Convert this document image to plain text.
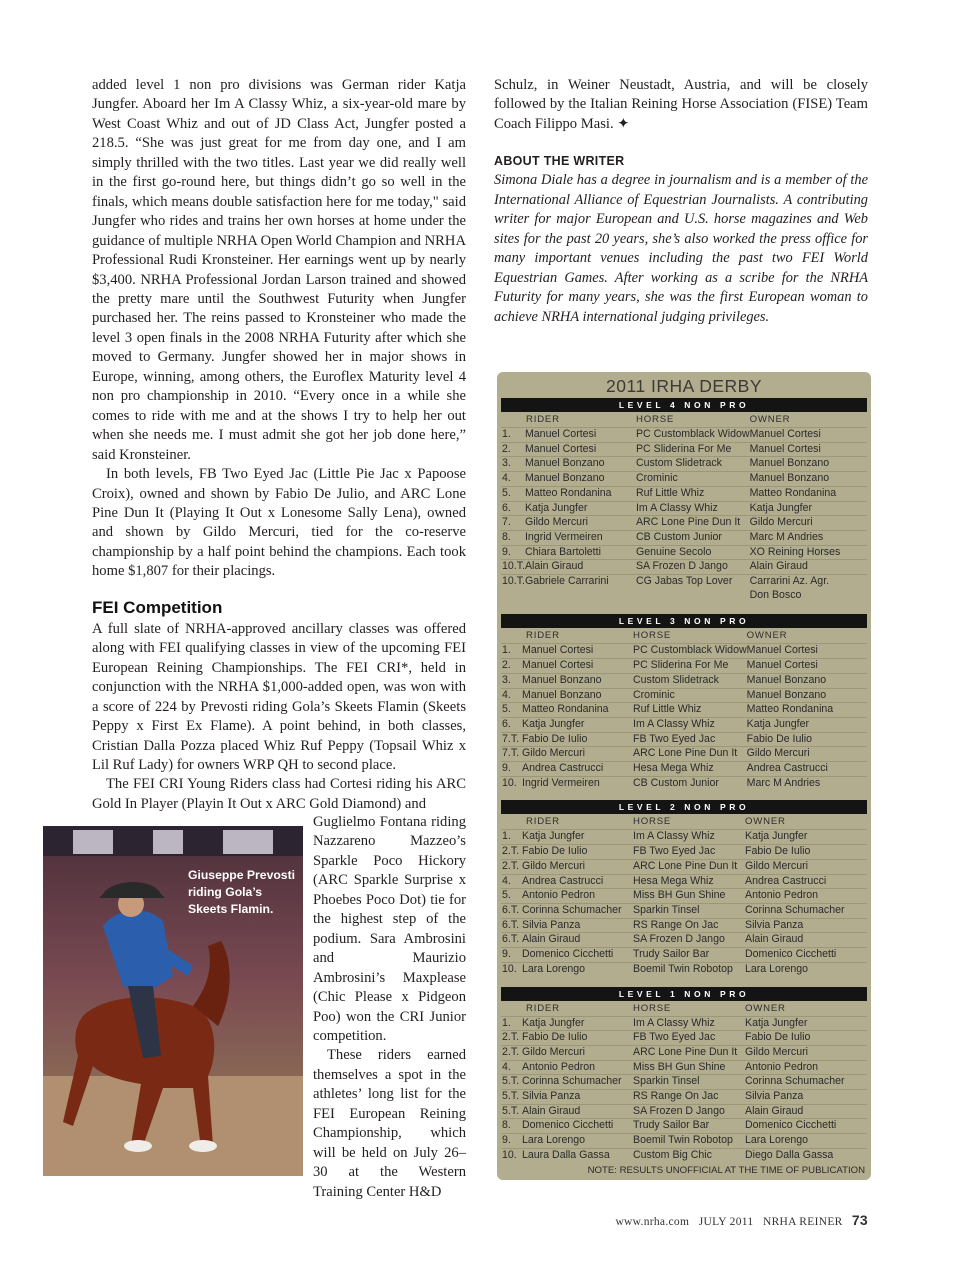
added level 1 non pro divisions was German rider Katja Jungfer. Aboard her Im A Classy Whiz, a six-year-old mare by West Coast Whiz and out of JD Class Act, Jungfer posted a 218.5. “She was just great for me from day one, and I am simply thrilled with the two titles. Last year we did really well in the first go-round here, but things didn’t go so well in the finals, which means double satisfaction here for me today," said Jungfer who rides and trains her own horses at home under the guidance of multiple NRHA Open World Champion and NRHA Professional Rudi Kronsteiner. Her earnings went up by nearly $3,400. NRHA Professional Jordan Larson trained and showed the pretty mare until the Southwest Futurity when Jungfer purchased her. The reins passed to Kronsteiner who made the level 3 open finals in the 2008 NRHA Futurity after which she moved to Germany. Jungfer showed her in major shows in Europe, winning, among others, the Euroflex Maturity level 4 non pro championship in 2010. “Every once in a while she comes to ride with me and at the shows I try to help her out when she needs me. I must admit she got her job done here,” said Kronsteiner.

In both levels, FB Two Eyed Jac (Little Pie Jac x Papoose Croix), owned and shown by Fabio De Julio, and ARC Lone Pine Dun It (Playing It Out x Lonesome Sally Lena), owned and shown by Gildo Mercuri, tied for the co-reserve championship by a half point behind the champions. Each took home $1,807 for their placings.

FEI Competition

A full slate of NRHA-approved ancillary classes was offered along with FEI qualifying classes in view of the upcoming FEI European Reining Championships. The FEI CRI*, held in conjunction with the NRHA $1,000-added open, was won with a score of 224 by Prevosti riding Gola’s Skeets Flamin (Skeets Peppy x First Ex Flame). A point behind, in both classes, Cristian Dalla Pozza placed Whiz Ruf Peppy (Topsail Whiz x Lil Ruf Lady) for owners WRP QH to second place.

The FEI CRI Young Riders class had Cortesi riding his ARC Gold In Player (Playin It Out x ARC Gold Diamond) and

Giuseppe Prevosti riding Gola’s Skeets Flamin.

Guglielmo Fontana riding Nazzareno Mazzeo’s Sparkle Poco Hickory (ARC Sparkle Surprise x Phoebes Poco Dot) tie for the highest step of the podium. Sara Ambrosini and Maurizio Ambrosini’s Maxplease (Chic Please x Pidgeon Poo) won the CRI Junior competition.

These riders earned themselves a spot in the athletes’ long list for the FEI European Reining Championship, which will be held on July 26–30 at the Western Training Center H&D

Schulz, in Weiner Neustadt, Austria, and will be closely followed by the Italian Reining Horse Association (FISE) Team Coach Filippo Masi. ✦

ABOUT THE WRITER

Simona Diale has a degree in journalism and is a member of the International Alliance of Equestrian Journalists. A contributing writer for major European and U.S. horse magazines and Web sites for the past 20 years, she’s also worked the press office for many important venues including the past two FEI World Equestrian Games. After working as a scribe for the NRHA Futurity for many years, she was the first European woman to achieve NRHA international judging privileges.

2011 IRHA DERBY
LEVEL 4 NON PRO
RIDER		HORSE	OWNER
1.	Manuel Cortesi	PC Customblack Widow	Manuel Cortesi
2.	Manuel Cortesi	PC Sliderina For Me	Manuel Cortesi
3.	Manuel Bonzano	Custom Slidetrack	Manuel Bonzano
4.	Manuel Bonzano	Crominic	Manuel Bonzano
5.	Matteo Rondanina	Ruf Little Whiz	Matteo Rondanina
6.	Katja Jungfer	Im A Classy Whiz	Katja Jungfer
7.	Gildo Mercuri	ARC Lone Pine Dun It	Gildo Mercuri
8.	Ingrid Vermeiren	CB Custom Junior	Marc M Andries
9.	Chiara Bartoletti	Genuine Secolo	XO Reining Horses
10.T.	Alain Giraud	SA Frozen D Jango	Alain Giraud
10.T.	Gabriele Carrarini	CG Jabas Top Lover	Carrarini Az. Agr.
Don Bosco
LEVEL 3 NON PRO
RIDER		HORSE	OWNER
1.	Manuel Cortesi	PC Customblack Widow	Manuel Cortesi
2.	Manuel Cortesi	PC Sliderina For Me	Manuel Cortesi
3.	Manuel Bonzano	Custom Slidetrack	Manuel Bonzano
4.	Manuel Bonzano	Crominic	Manuel Bonzano
5.	Matteo Rondanina	Ruf Little Whiz	Matteo Rondanina
6.	Katja Jungfer	Im A Classy Whiz	Katja Jungfer
7.T.	Fabio De Iulio	FB Two Eyed Jac	Fabio De Iulio
7.T.	Gildo Mercuri	ARC Lone Pine Dun It	Gildo Mercuri
9.	Andrea Castrucci	Hesa Mega Whiz	Andrea Castrucci
10.	Ingrid Vermeiren	CB Custom Junior	Marc M Andries
LEVEL 2 NON PRO
RIDER		HORSE	OWNER
1.	Katja Jungfer	Im A Classy Whiz	Katja Jungfer
2.T.	Fabio De Iulio	FB Two Eyed Jac	Fabio De Iulio
2.T.	Gildo Mercuri	ARC Lone Pine Dun It	Gildo Mercuri
4.	Andrea Castrucci	Hesa Mega Whiz	Andrea Castrucci
5.	Antonio Pedron	Miss BH Gun Shine	Antonio Pedron
6.T.	Corinna Schumacher	Sparkin Tinsel	Corinna Schumacher
6.T.	Silvia Panza	RS Range On Jac	Silvia Panza
6.T.	Alain Giraud	SA Frozen D Jango	Alain Giraud
9.	Domenico Cicchetti	Trudy Sailor Bar	Domenico Cicchetti
10.	Lara Lorengo	Boemil Twin Robotop	Lara Lorengo
LEVEL 1 NON PRO
RIDER		HORSE	OWNER
1.	Katja Jungfer	Im A Classy Whiz	Katja Jungfer
2.T.	Fabio De Iulio	FB Two Eyed Jac	Fabio De Iulio
2.T.	Gildo Mercuri	ARC Lone Pine Dun It	Gildo Mercuri
4.	Antonio Pedron	Miss BH Gun Shine	Antonio Pedron
5.T.	Corinna Schumacher	Sparkin Tinsel	Corinna Schumacher
5.T.	Silvia Panza	RS Range On Jac	Silvia Panza
5.T.	Alain Giraud	SA Frozen D Jango	Alain Giraud
8.	Domenico Cicchetti	Trudy Sailor Bar	Domenico Cicchetti
9.	Lara Lorengo	Boemil Twin Robotop	Lara Lorengo
10.	Laura Dalla Gassa	Custom Big Chic	Diego Dalla Gassa
NOTE: RESULTS UNOFFICIAL AT THE TIME OF PUBLICATION
www.nrha.com JULY 2011 NRHA REINER 73
